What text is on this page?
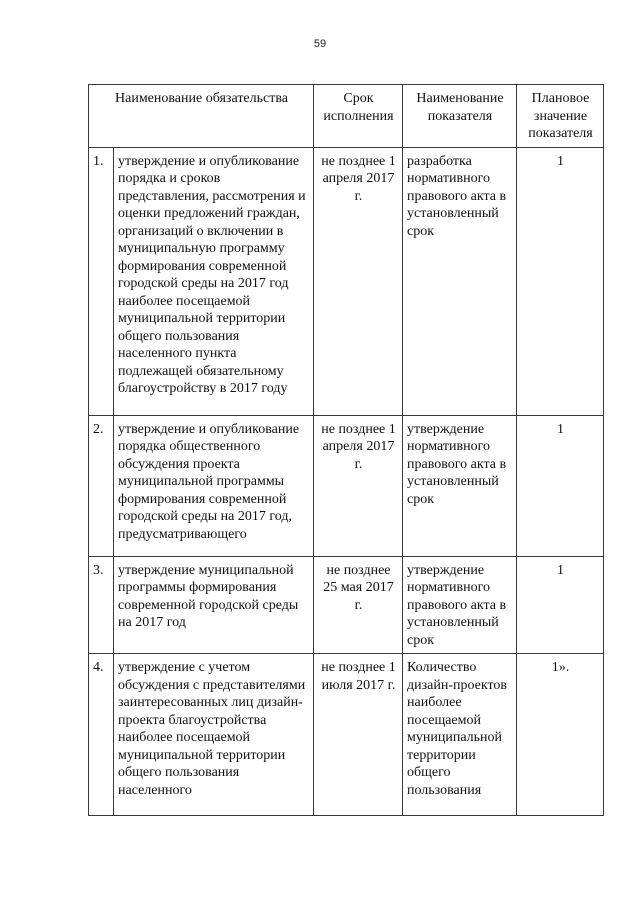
59
Наименование обязательства		Срок исполнения	Наименование показателя	Плановое значение показателя
1.	утверждение и опубликование порядка и сроков представления, рассмотрения и оценки предложений граждан, организаций о включении в муниципальную программу формирования современной городской среды на 2017 год наиболее посещаемой муниципальной территории общего пользования населенного пункта подлежащей обязательному благоустройству в 2017 году	не позднее 1 апреля 2017 г.	разработка нормативного правового акта в установленный срок	1
2.	утверждение и опубликование порядка общественного обсуждения проекта муниципальной программы формирования современной городской среды на 2017 год, предусматривающего	не позднее 1 апреля 2017 г.	утверждение нормативного правового акта в установленный срок	1
3.	утверждение муниципальной программы формирования современной городской среды на 2017 год	не позднее 25 мая 2017 г.	утверждение нормативного правового акта в установленный срок	1
4.	утверждение с учетом обсуждения с представителями заинтересованных лиц дизайн-проекта благоустройства наиболее посещаемой муниципальной территории общего пользования населенного	не позднее 1 июля 2017 г.	Количество дизайн-проектов наиболее посещаемой муниципальной территории общего пользования	1».
